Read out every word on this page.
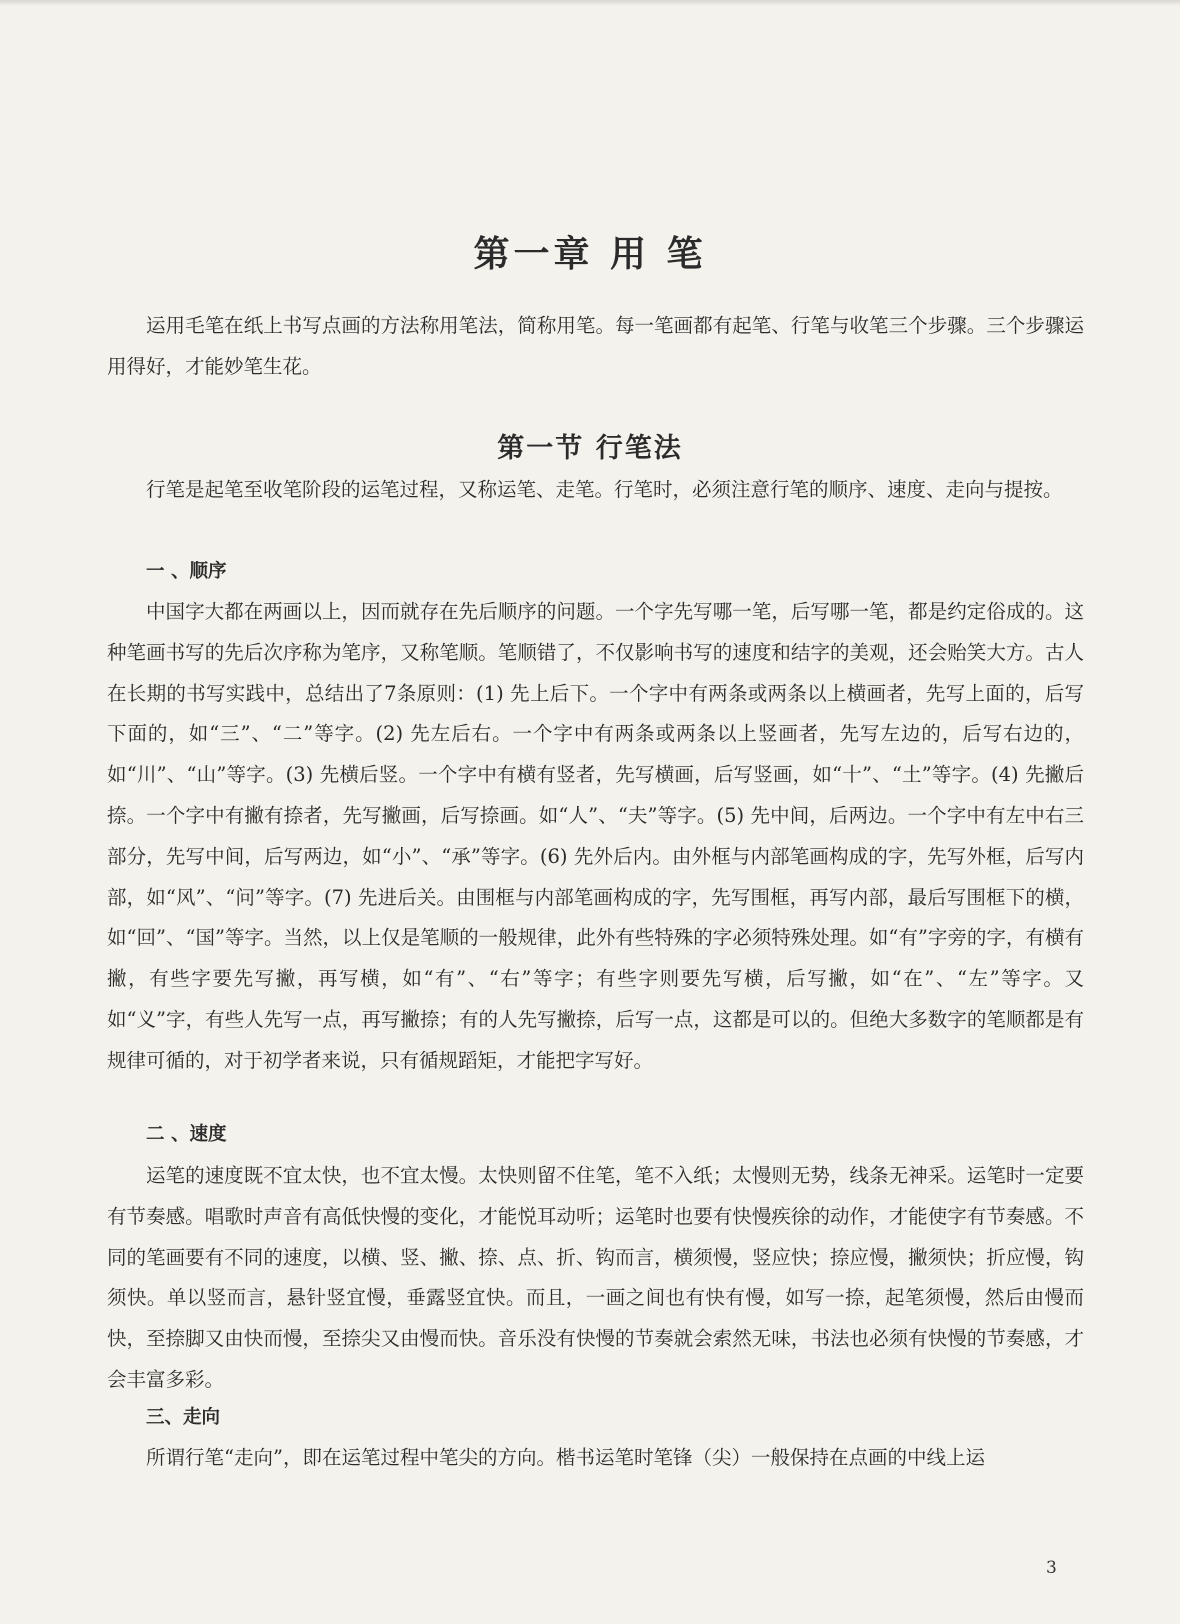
第一章 用 笔

运用毛笔在纸上书写点画的方法称用笔法，简称用笔。每一笔画都有起笔、行笔与收笔三个步骤。三个步骤运用得好，才能妙笔生花。

第一节 行笔法

行笔是起笔至收笔阶段的运笔过程，又称运笔、走笔。行笔时，必须注意行笔的顺序、速度、走向与提按。

一 、顺序

中国字大都在两画以上，因而就存在先后顺序的问题。一个字先写哪一笔，后写哪一笔，都是约定俗成的。这种笔画书写的先后次序称为笔序，又称笔顺。笔顺错了，不仅影响书写的速度和结字的美观，还会贻笑大方。古人在长期的书写实践中，总结出了7条原则：(1) 先上后下。一个字中有两条或两条以上横画者，先写上面的，后写下面的，如“三”、“二”等字。(2) 先左后右。一个字中有两条或两条以上竖画者，先写左边的，后写右边的，如“川”、“山”等字。(3) 先横后竖。一个字中有横有竖者，先写横画，后写竖画，如“十”、“土”等字。(4) 先撇后捺。一个字中有撇有捺者，先写撇画，后写捺画。如“人”、“夫”等字。(5) 先中间，后两边。一个字中有左中右三部分，先写中间，后写两边，如“小”、“承”等字。(6) 先外后内。由外框与内部笔画构成的字，先写外框，后写内部，如“风”、“问”等字。(7) 先进后关。由围框与内部笔画构成的字，先写围框，再写内部，最后写围框下的横，如“回”、“国”等字。当然，以上仅是笔顺的一般规律，此外有些特殊的字必须特殊处理。如“有”字旁的字，有横有撇，有些字要先写撇，再写横，如“有”、“右”等字；有些字则要先写横，后写撇，如“在”、“左”等字。又如“义”字，有些人先写一点，再写撇捺；有的人先写撇捺，后写一点，这都是可以的。但绝大多数字的笔顺都是有规律可循的，对于初学者来说，只有循规蹈矩，才能把字写好。

二 、速度

运笔的速度既不宜太快，也不宜太慢。太快则留不住笔，笔不入纸；太慢则无势，线条无神采。运笔时一定要有节奏感。唱歌时声音有高低快慢的变化，才能悦耳动听；运笔时也要有快慢疾徐的动作，才能使字有节奏感。不同的笔画要有不同的速度，以横、竖、撇、捺、点、折、钩而言，横须慢，竖应快；捺应慢，撇须快；折应慢，钩须快。单以竖而言，悬针竖宜慢，垂露竖宜快。而且，一画之间也有快有慢，如写一捺，起笔须慢，然后由慢而快，至捺脚又由快而慢，至捺尖又由慢而快。音乐没有快慢的节奏就会索然无味，书法也必须有快慢的节奏感，才会丰富多彩。

三、走向

所谓行笔“走向”，即在运笔过程中笔尖的方向。楷书运笔时笔锋（尖）一般保持在点画的中线上运

3
